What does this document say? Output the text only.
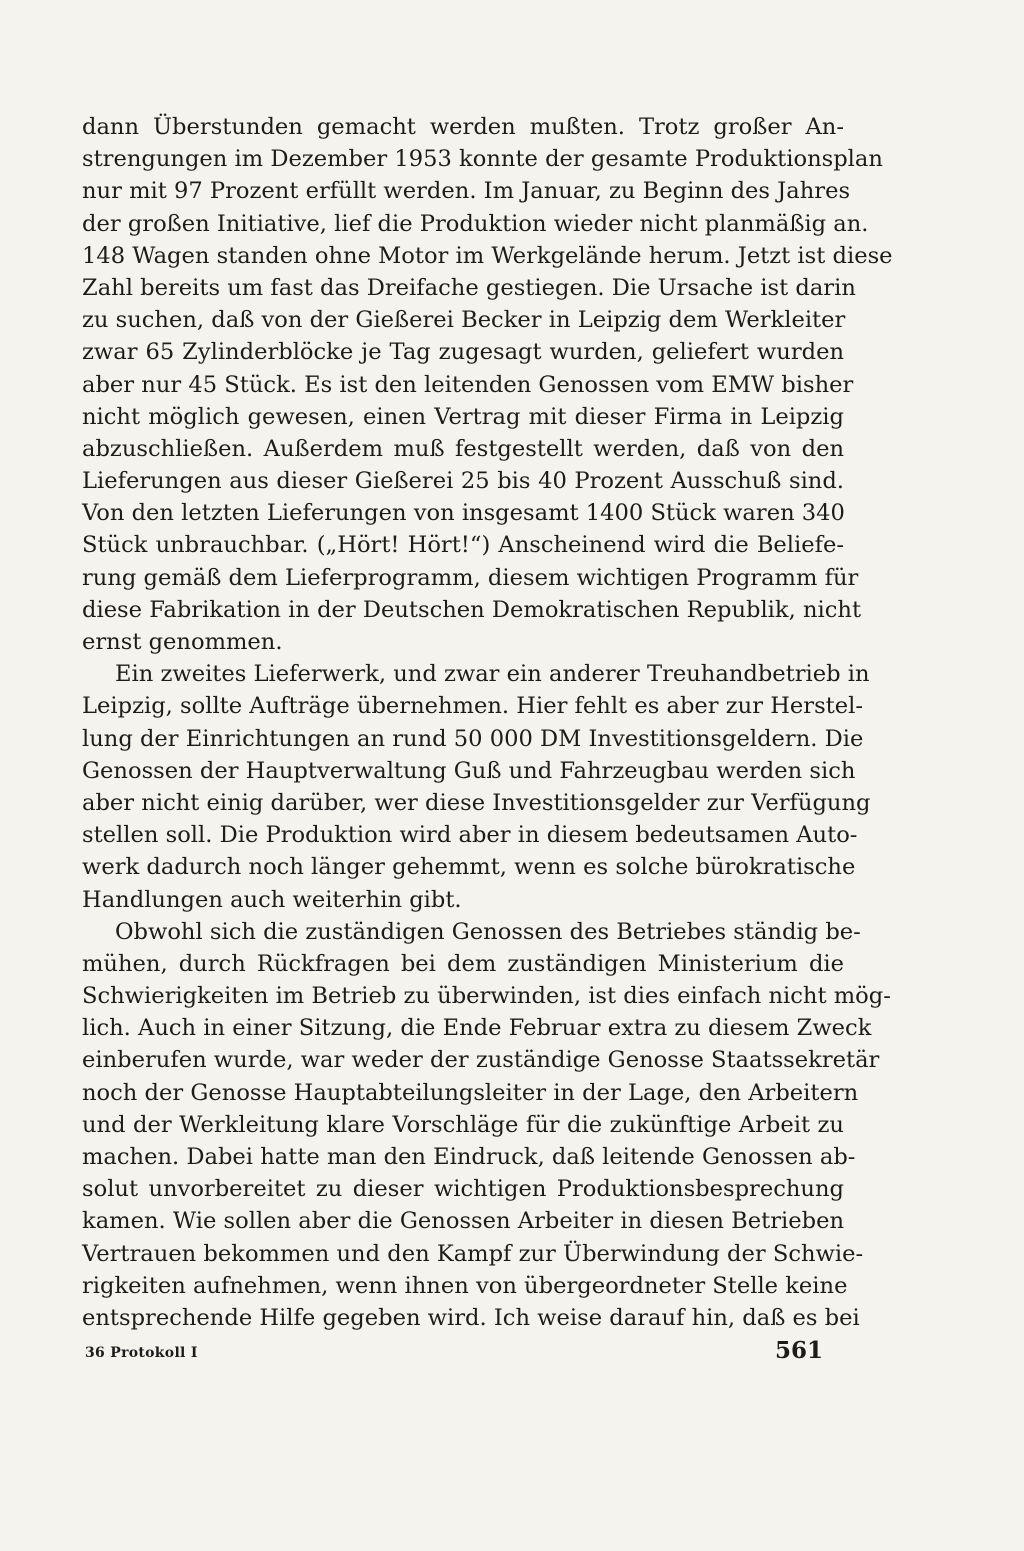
dann Überstunden gemacht werden mußten. Trotz großer An-
strengungen im Dezember 1953 konnte der gesamte Produktionsplan
nur mit 97 Prozent erfüllt werden. Im Januar, zu Beginn des Jahres
der großen Initiative, lief die Produktion wieder nicht planmäßig an.
148 Wagen standen ohne Motor im Werkgelände herum. Jetzt ist diese
Zahl bereits um fast das Dreifache gestiegen. Die Ursache ist darin
zu suchen, daß von der Gießerei Becker in Leipzig dem Werkleiter
zwar 65 Zylinderblöcke je Tag zugesagt wurden, geliefert wurden
aber nur 45 Stück. Es ist den leitenden Genossen vom EMW bisher
nicht möglich gewesen, einen Vertrag mit dieser Firma in Leipzig
abzuschließen. Außerdem muß festgestellt werden, daß von den
Lieferungen aus dieser Gießerei 25 bis 40 Prozent Ausschuß sind.
Von den letzten Lieferungen von insgesamt 1400 Stück waren 340
Stück unbrauchbar. („Hört! Hört!“) Anscheinend wird die Beliefe-
rung gemäß dem Lieferprogramm, diesem wichtigen Programm für
diese Fabrikation in der Deutschen Demokratischen Republik, nicht
ernst genommen.
Ein zweites Lieferwerk, und zwar ein anderer Treuhandbetrieb in
Leipzig, sollte Aufträge übernehmen. Hier fehlt es aber zur Herstel-
lung der Einrichtungen an rund 50 000 DM Investitionsgeldern. Die
Genossen der Hauptverwaltung Guß und Fahrzeugbau werden sich
aber nicht einig darüber, wer diese Investitionsgelder zur Verfügung
stellen soll. Die Produktion wird aber in diesem bedeutsamen Auto-
werk dadurch noch länger gehemmt, wenn es solche bürokratische
Handlungen auch weiterhin gibt.
Obwohl sich die zuständigen Genossen des Betriebes ständig be-
mühen, durch Rückfragen bei dem zuständigen Ministerium die
Schwierigkeiten im Betrieb zu überwinden, ist dies einfach nicht mög-
lich. Auch in einer Sitzung, die Ende Februar extra zu diesem Zweck
einberufen wurde, war weder der zuständige Genosse Staatssekretär
noch der Genosse Hauptabteilungsleiter in der Lage, den Arbeitern
und der Werkleitung klare Vorschläge für die zukünftige Arbeit zu
machen. Dabei hatte man den Eindruck, daß leitende Genossen ab-
solut unvorbereitet zu dieser wichtigen Produktionsbesprechung
kamen. Wie sollen aber die Genossen Arbeiter in diesen Betrieben
Vertrauen bekommen und den Kampf zur Überwindung der Schwie-
rigkeiten aufnehmen, wenn ihnen von übergeordneter Stelle keine
entsprechende Hilfe gegeben wird. Ich weise darauf hin, daß es bei
36 Protokoll I	561
